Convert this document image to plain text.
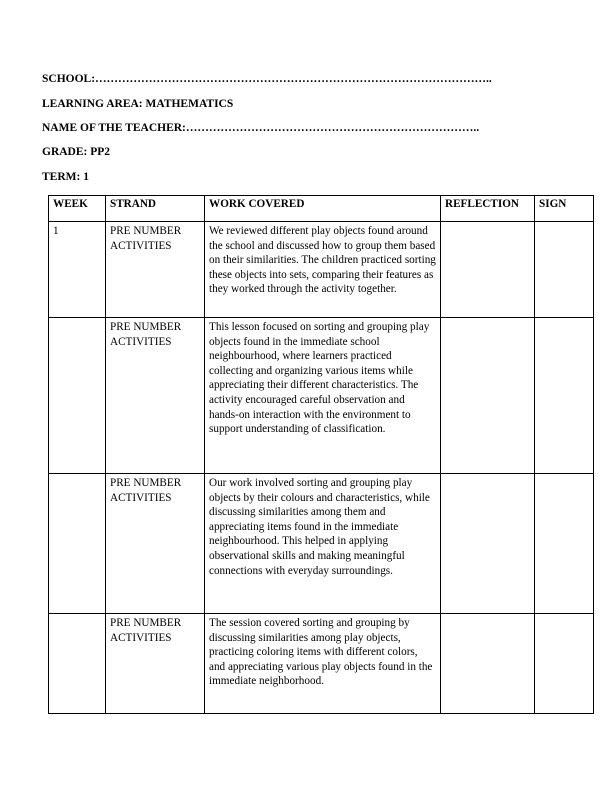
SCHOOL:…………………………………………………………………………………………..
LEARNING AREA: MATHEMATICS
NAME OF THE TEACHER:…………………………………………………………………..
GRADE: PP2
TERM: 1
WEEK	STRAND	WORK COVERED	REFLECTION	SIGN
1	PRE NUMBER ACTIVITIES	We reviewed different play objects found around the school and discussed how to group them based on their similarities. The children practiced sorting these objects into sets, comparing their features as they worked through the activity together.		
	PRE NUMBER ACTIVITIES	This lesson focused on sorting and grouping play objects found in the immediate school neighbourhood, where learners practiced collecting and organizing various items while appreciating their different characteristics. The activity encouraged careful observation and hands-on interaction with the environment to support understanding of classification.		
	PRE NUMBER ACTIVITIES	Our work involved sorting and grouping play objects by their colours and characteristics, while discussing similarities among them and appreciating items found in the immediate neighbourhood. This helped in applying observational skills and making meaningful connections with everyday surroundings.		
	PRE NUMBER ACTIVITIES	The session covered sorting and grouping by discussing similarities among play objects, practicing coloring items with different colors, and appreciating various play objects found in the immediate neighborhood.		
